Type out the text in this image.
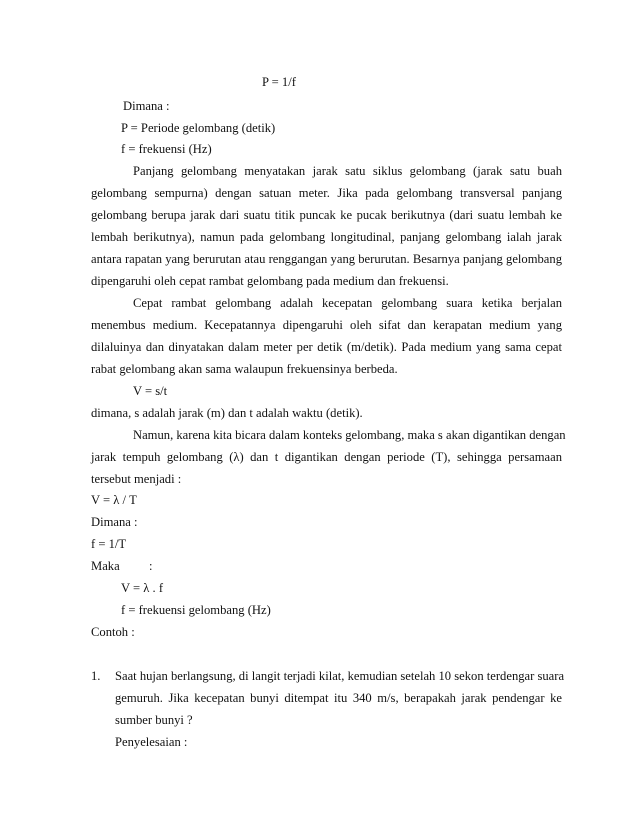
P = 1/f
Dimana :
P = Periode gelombang (detik)
f = frekuensi (Hz)
Panjang gelombang menyatakan jarak satu siklus gelombang (jarak satu buah
gelombang sempurna) dengan satuan meter. Jika pada gelombang transversal panjang
gelombang berupa jarak dari suatu titik puncak ke pucak berikutnya (dari suatu lembah ke
lembah berikutnya), namun pada gelombang longitudinal, panjang gelombang ialah jarak
antara rapatan yang berurutan atau renggangan yang berurutan. Besarnya panjang gelombang
dipengaruhi oleh cepat rambat gelombang pada medium dan frekuensi.
Cepat rambat gelombang adalah kecepatan gelombang suara ketika berjalan
menembus medium. Kecepatannya dipengaruhi oleh sifat dan kerapatan medium yang
dilaluinya dan dinyatakan dalam meter per detik (m/detik). Pada medium yang sama cepat
rabat gelombang akan sama walaupun frekuensinya berbeda.
V = s/t
dimana, s adalah jarak (m) dan t adalah waktu (detik).
Namun, karena kita bicara dalam konteks gelombang, maka s akan digantikan dengan
jarak tempuh gelombang (λ) dan t digantikan dengan periode (T), sehingga persamaan
tersebut menjadi :
V = λ / T
Dimana :
f = 1/T
Maka :
V = λ . f
f = frekuensi gelombang (Hz)
Contoh :
1. Saat hujan berlangsung, di langit terjadi kilat, kemudian setelah 10 sekon terdengar suara
gemuruh. Jika kecepatan bunyi ditempat itu 340 m/s, berapakah jarak pendengar ke
sumber bunyi ?
Penyelesaian :
